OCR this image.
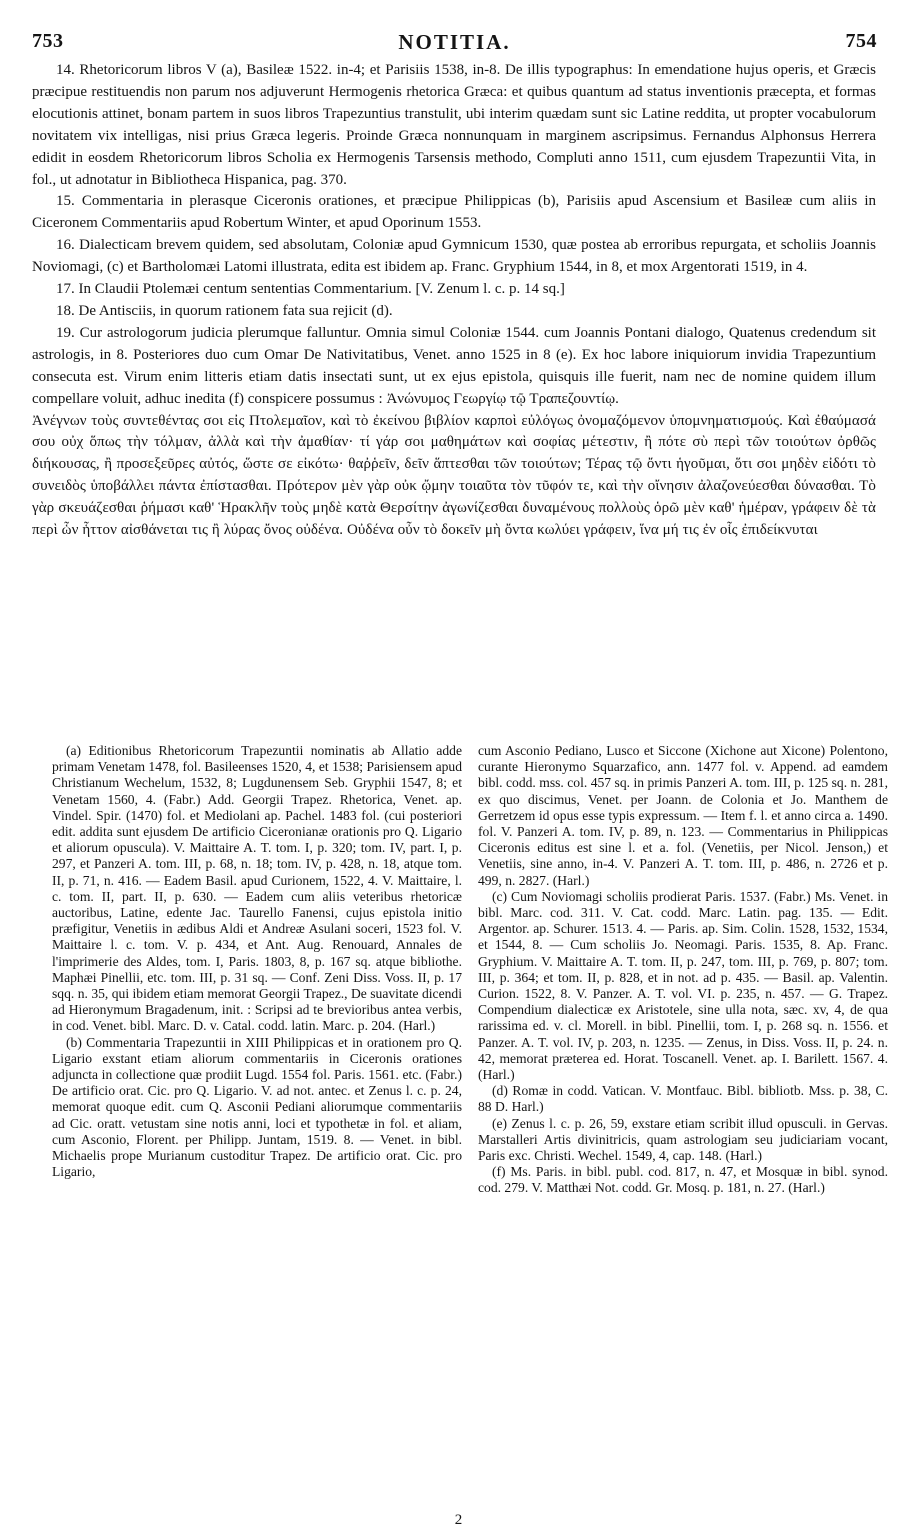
753	NOTITIA.	754

14. Rhetoricorum libros V (a), Basileæ 1522. in-4; et Parisiis 1538, in-8. De illis typographus: In emendatione hujus operis, et Græcis præcipue restituendis non parum nos adjuverunt Hermogenis rhetorica Græca: et quibus quantum ad status inventionis præcepta, et formas elocutionis attinet, bonam partem in suos libros Trapezuntius transtulit, ubi interim quædam sunt sic Latine reddita, ut propter vocabulorum novitatem vix intelligas, nisi prius Græca legeris. Proinde Græca nonnunquam in marginem ascripsimus. Fernandus Alphonsus Herrera edidit in eosdem Rhetoricorum libros Scholia ex Hermogenis Tarsensis methodo, Compluti anno 1511, cum ejusdem Trapezuntii Vita, in fol., ut adnotatur in Bibliotheca Hispanica, pag. 370.

15. Commentaria in plerasque Ciceronis orationes, et præcipue Philippicas (b), Parisiis apud Ascensium et Basileæ cum aliis in Ciceronem Commentariis apud Robertum Winter, et apud Oporinum 1553.

16. Dialecticam brevem quidem, sed absolutam, Coloniæ apud Gymnicum 1530, quæ postea ab erroribus repurgata, et scholiis Joannis Noviomagi, (c) et Bartholomæi Latomi illustrata, edita est ibidem ap. Franc. Gryphium 1544, in 8, et mox Argentorati 1519, in 4.

17. In Claudii Ptolemæi centum sententias Commentarium. [V. Zenum l. c. p. 14 sq.]

18. De Antisciis, in quorum rationem fata sua rejicit (d).

19. Cur astrologorum judicia plerumque falluntur. Omnia simul Coloniæ 1544. cum Joannis Pontani dialogo, Quatenus credendum sit astrologis, in 8. Posteriores duo cum Omar De Nativitatibus, Venet. anno 1525 in 8 (e). Ex hoc labore iniquiorum invidia Trapezuntium consecuta est. Virum enim litteris etiam datis insectati sunt, ut ex ejus epistola, quisquis ille fuerit, nam nec de nomine quidem illum compellare voluit, adhuc inedita (f) conspicere possumus : Ἀνώνυμος Γεωργίῳ τῷ Τραπεζουντίῳ.

Ἀνέγνων τοὺς συντεθέντας σοι εἰς Πτολεμαῖον, καὶ τὸ ἐκείνου βιβλίον καρποὶ εὐλόγως ὀνομαζόμενον ὑπομνηματισμούς. Καὶ ἐθαύμασά σου οὐχ ὅπως τὴν τόλμαν, ἀλλὰ καὶ τὴν ἀμαθίαν· τί γάρ σοι μαθημάτων καὶ σοφίας μέτεστιν, ἢ πότε σὺ περὶ τῶν τοιούτων ὀρθῶς διήκουσας, ἢ προσεξεῦρες αὐτός, ὥστε σε εἰκότω· θαῤῥεῖν, δεῖν ἅπτεσθαι τῶν τοιούτων; Τέρας τῷ ὄντι ἡγοῦμαι, ὅτι σοι μηδὲν εἰδότι τὸ συνειδὸς ὑποβάλλει πάντα ἐπίστασθαι. Πρότερον μὲν γὰρ οὐκ ᾤμην τοιαῦτα τὸν τῦφόν τε, καὶ τὴν οἴνησιν ἀλαζονεύεσθαι δύνασθαι. Τὸ γὰρ σκευάζεσθαι ῥήμασι καθ' Ἡρακλῆν τοὺς μηδὲ κατὰ Θερσίτην ἀγωνίζεσθαι δυναμένους πολλοὺς ὁρῶ μὲν καθ' ἡμέραν, γράφειν δὲ τὰ περὶ ὧν ἧττον αἰσθάνεται τις ἢ λύρας ὄνος οὐδένα. Οὐδένα οὖν τὸ δοκεῖν μὴ ὄντα κωλύει γράφειν, ἵνα μή τις ἐν οἷς ἐπιδείκνυται

(a) Editionibus Rhetoricorum Trapezuntii nominatis ab Allatio adde primam Venetam 1478, fol. Basileenses 1520, 4, et 1538; Parisiensem apud Christianum Wechelum, 1532, 8; Lugdunensem Seb. Gryphii 1547, 8; et Venetam 1560, 4. (Fabr.) Add. Georgii Trapez. Rhetorica, Venet. ap. Vindel. Spir. (1470) fol. et Mediolani ap. Pachel. 1483 fol. (cui posteriori edit. addita sunt ejusdem De artificio Ciceronianæ orationis pro Q. Ligario et aliorum opuscula). V. Maittaire A. T. tom. I, p. 320; tom. IV, part. I, p. 297, et Panzeri A. tom. III, p. 68, n. 18; tom. IV, p. 428, n. 18, atque tom. II, p. 71, n. 416. — Eadem Basil. apud Curionem, 1522, 4. V. Maittaire, l. c. tom. II, part. II, p. 630. — Eadem cum aliis veteribus rhetoricæ auctoribus, Latine, edente Jac. Taurello Fanensi, cujus epistola initio præfigitur, Venetiis in ædibus Aldi et Andreæ Asulani soceri, 1523 fol. V. Maittaire l. c. tom. V. p. 434, et Ant. Aug. Renouard, Annales de l'imprimerie des Aldes, tom. I, Paris. 1803, 8, p. 167 sq. atque bibliothe. Maphæi Pinellii, etc. tom. III, p. 31 sq. — Conf. Zeni Diss. Voss. II, p. 17 sqq. n. 35, qui ibidem etiam memorat Georgii Trapez., De suavitate dicendi ad Hieronymum Bragadenum, init. : Scripsi ad te brevioribus antea verbis, in cod. Venet. bibl. Marc. D. v. Catal. codd. latin. Marc. p. 204. (Harl.)

(b) Commentaria Trapezuntii in XIII Philippicas et in orationem pro Q. Ligario exstant etiam aliorum commentariis in Ciceronis orationes adjuncta in collectione quæ prodiit Lugd. 1554 fol. Paris. 1561. etc. (Fabr.) De artificio orat. Cic. pro Q. Ligario. V. ad not. antec. et Zenus l. c. p. 24, memorat quoque edit. cum Q. Asconii Pediani aliorumque commentariis ad Cic. oratt. vetustam sine notis anni, loci et typothetæ in fol. et aliam, cum Asconio, Florent. per Philipp. Juntam, 1519. 8. — Venet. in bibl. Michaelis prope Murianum custoditur Trapez. De artificio orat. Cic. pro Ligario,

cum Asconio Pediano, Lusco et Siccone (Xichone aut Xicone) Polentono, curante Hieronymo Squarzafico, ann. 1477 fol. v. Append. ad eamdem bibl. codd. mss. col. 457 sq. in primis Panzeri A. tom. III, p. 125 sq. n. 281, ex quo discimus, Venet. per Joann. de Colonia et Jo. Manthem de Gerretzem id opus esse typis expressum. — Item f. l. et anno circa a. 1490. fol. V. Panzeri A. tom. IV, p. 89, n. 123. — Commentarius in Philippicas Ciceronis editus est sine l. et a. fol. (Venetiis, per Nicol. Jenson,) et Venetiis, sine anno, in-4. V. Panzeri A. T. tom. III, p. 486, n. 2726 et p. 499, n. 2827. (Harl.)

(c) Cum Noviomagi scholiis prodierat Paris. 1537. (Fabr.) Ms. Venet. in bibl. Marc. cod. 311. V. Cat. codd. Marc. Latin. pag. 135. — Edit. Argentor. ap. Schurer. 1513. 4. — Paris. ap. Sim. Colin. 1528, 1532, 1534, et 1544, 8. — Cum scholiis Jo. Neomagi. Paris. 1535, 8. Ap. Franc. Gryphium. V. Maittaire A. T. tom. II, p. 247, tom. III, p. 769, p. 807; tom. III, p. 364; et tom. II, p. 828, et in not. ad p. 435. — Basil. ap. Valentin. Curion. 1522, 8. V. Panzer. A. T. vol. VI. p. 235, n. 457. — G. Trapez. Compendium dialecticæ ex Aristotele, sine ulla nota, sæc. xv, 4, de qua rarissima ed. v. cl. Morell. in bibl. Pinellii, tom. I, p. 268 sq. n. 1556. et Panzer. A. T. vol. IV, p. 203, n. 1235. — Zenus, in Diss. Voss. II, p. 24. n. 42, memorat præterea ed. Horat. Toscanell. Venet. ap. I. Barilett. 1567. 4. (Harl.)

(d) Romæ in codd. Vatican. V. Montfauc. Bibl. bibliotb. Mss. p. 38, C. 88 D. Harl.)

(e) Zenus l. c. p. 26, 59, exstare etiam scribit illud opusculi. in Gervas. Marstalleri Artis divinitricis, quam astrologiam seu judiciariam vocant, Paris exc. Christi. Wechel. 1549, 4, cap. 148. (Harl.)

(f) Ms. Paris. in bibl. publ. cod. 817, n. 47, et Mosquæ in bibl. synod. cod. 279. V. Matthæi Not. codd. Gr. Mosq. p. 181, n. 27. (Harl.)

2
